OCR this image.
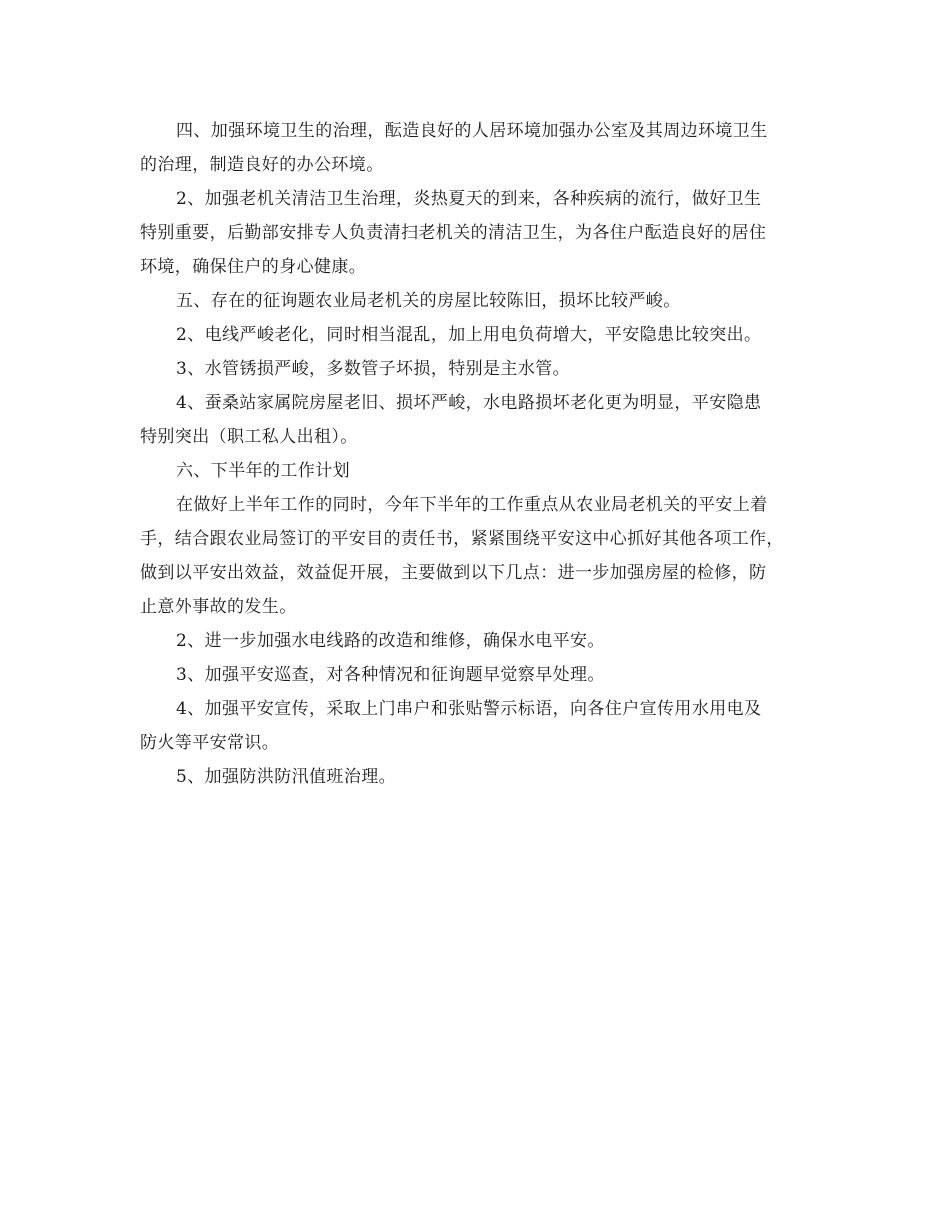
四、加强环境卫生的治理，酝造良好的人居环境加强办公室及其周边环境卫生
的治理，制造良好的办公环境。

2、加强老机关清洁卫生治理，炎热夏天的到来，各种疾病的流行，做好卫生
特别重要，后勤部安排专人负责清扫老机关的清洁卫生，为各住户酝造良好的居住
环境，确保住户的身心健康。

五、存在的征询题农业局老机关的房屋比较陈旧，损坏比较严峻。

2、电线严峻老化，同时相当混乱，加上用电负荷增大，平安隐患比较突出。

3、水管锈损严峻，多数管子坏损，特别是主水管。

4、蚕桑站家属院房屋老旧、损坏严峻，水电路损坏老化更为明显，平安隐患
特别突出（职工私人出租）。

六、下半年的工作计划

在做好上半年工作的同时，今年下半年的工作重点从农业局老机关的平安上着
手，结合跟农业局签订的平安目的责任书，紧紧围绕平安这中心抓好其他各项工作，
做到以平安出效益，效益促开展，主要做到以下几点：进一步加强房屋的检修，防
止意外事故的发生。

2、进一步加强水电线路的改造和维修，确保水电平安。

3、加强平安巡查，对各种情况和征询题早觉察早处理。

4、加强平安宣传，采取上门串户和张贴警示标语，向各住户宣传用水用电及
防火等平安常识。

5、加强防洪防汛值班治理。
